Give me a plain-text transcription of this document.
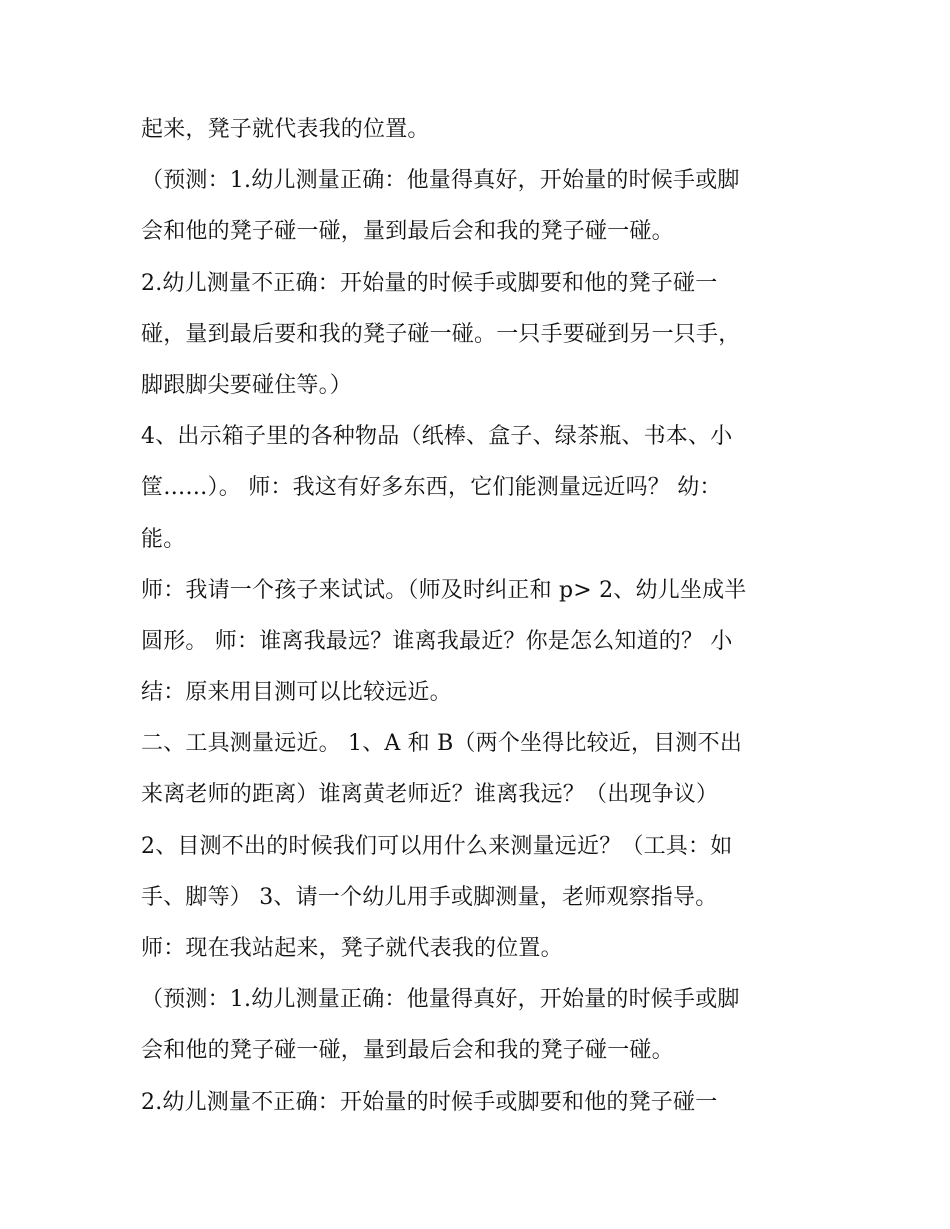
起来，凳子就代表我的位置。
（预测：1.幼儿测量正确：他量得真好，开始量的时候手或脚
会和他的凳子碰一碰，量到最后会和我的凳子碰一碰。
2.幼儿测量不正确：开始量的时候手或脚要和他的凳子碰一
碰，量到最后要和我的凳子碰一碰。一只手要碰到另一只手，
脚跟脚尖要碰住等。）
4、出示箱子里的各种物品（纸棒、盒子、绿茶瓶、书本、小
筐……）。 师：我这有好多东西，它们能测量远近吗？ 幼：
能。
师：我请一个孩子来试试。（师及时纠正和 p> 2、幼儿坐成半
圆形。 师：谁离我最远？谁离我最近？你是怎么知道的？ 小
结：原来用目测可以比较远近。
二、工具测量远近。 1、A 和 B（两个坐得比较近，目测不出
来离老师的距离）谁离黄老师近？谁离我远？（出现争议）
2、目测不出的时候我们可以用什么来测量远近？（工具：如
手、脚等） 3、请一个幼儿用手或脚测量，老师观察指导。
师：现在我站起来，凳子就代表我的位置。
（预测：1.幼儿测量正确：他量得真好，开始量的时候手或脚
会和他的凳子碰一碰，量到最后会和我的凳子碰一碰。
2.幼儿测量不正确：开始量的时候手或脚要和他的凳子碰一
